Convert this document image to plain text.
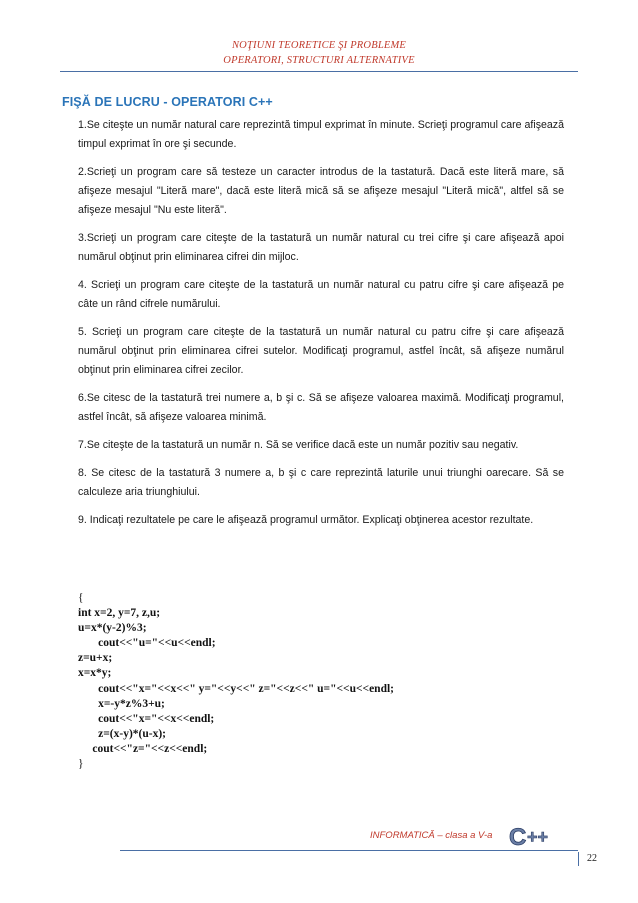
NOŢIUNI TEORETICE ŞI PROBLEME
OPERATORI, STRUCTURI ALTERNATIVE
FIŞĂ DE LUCRU - OPERATORI C++
1.Se citeşte un număr natural care reprezintă timpul exprimat în minute. Scrieţi programul care afişează timpul exprimat în ore şi secunde.
2.Scrieţi un program care să testeze un caracter introdus de la tastatură. Dacă este literă mare, să afişeze mesajul "Literă mare", dacă este literă mică să se afişeze mesajul "Literă mică", altfel să se afişeze mesajul "Nu este literă".
3.Scrieţi un program care citeşte de la tastatură un număr natural cu trei cifre şi care afişează apoi numărul obţinut prin eliminarea cifrei din mijloc.
4. Scrieţi un program care citeşte de la tastatură un număr natural cu patru cifre şi care afişează pe câte un rând cifrele numărului.
5. Scrieţi un program care citeşte de la tastatură un număr natural cu patru cifre şi care afişează numărul obţinut prin eliminarea cifrei sutelor. Modificaţi programul, astfel încât, să afişeze numărul obţinut prin eliminarea cifrei zecilor.
6.Se citesc de la tastatură trei numere a, b şi c. Să se afişeze valoarea maximă. Modificaţi programul, astfel încât, să afişeze valoarea minimă.
7.Se citeşte de la tastatură un număr n. Să se verifice dacă este un număr pozitiv sau negativ.
8. Se citesc de la tastatură 3 numere a, b şi c care reprezintă laturile unui triunghi oarecare. Să se calculeze aria triunghiului.
9. Indicaţi rezultatele pe care le afişează programul următor. Explicaţi obţinerea acestor rezultate.
{
int x=2, y=7, z,u;
u=x*(y-2)%3;
cout<<"u="<<u<<endl;
z=u+x;
x=x*y;
cout<<"x="<<x<<" y="<<y<<" z="<<z<<" u="<<u<<endl;
x=-y*z%3+u;
cout<<"x="<<x<<endl;
z=(x-y)*(u-x);
cout<<"z="<<z<<endl;
}
INFORMATICĂ – clasa a V-a C ++
22
